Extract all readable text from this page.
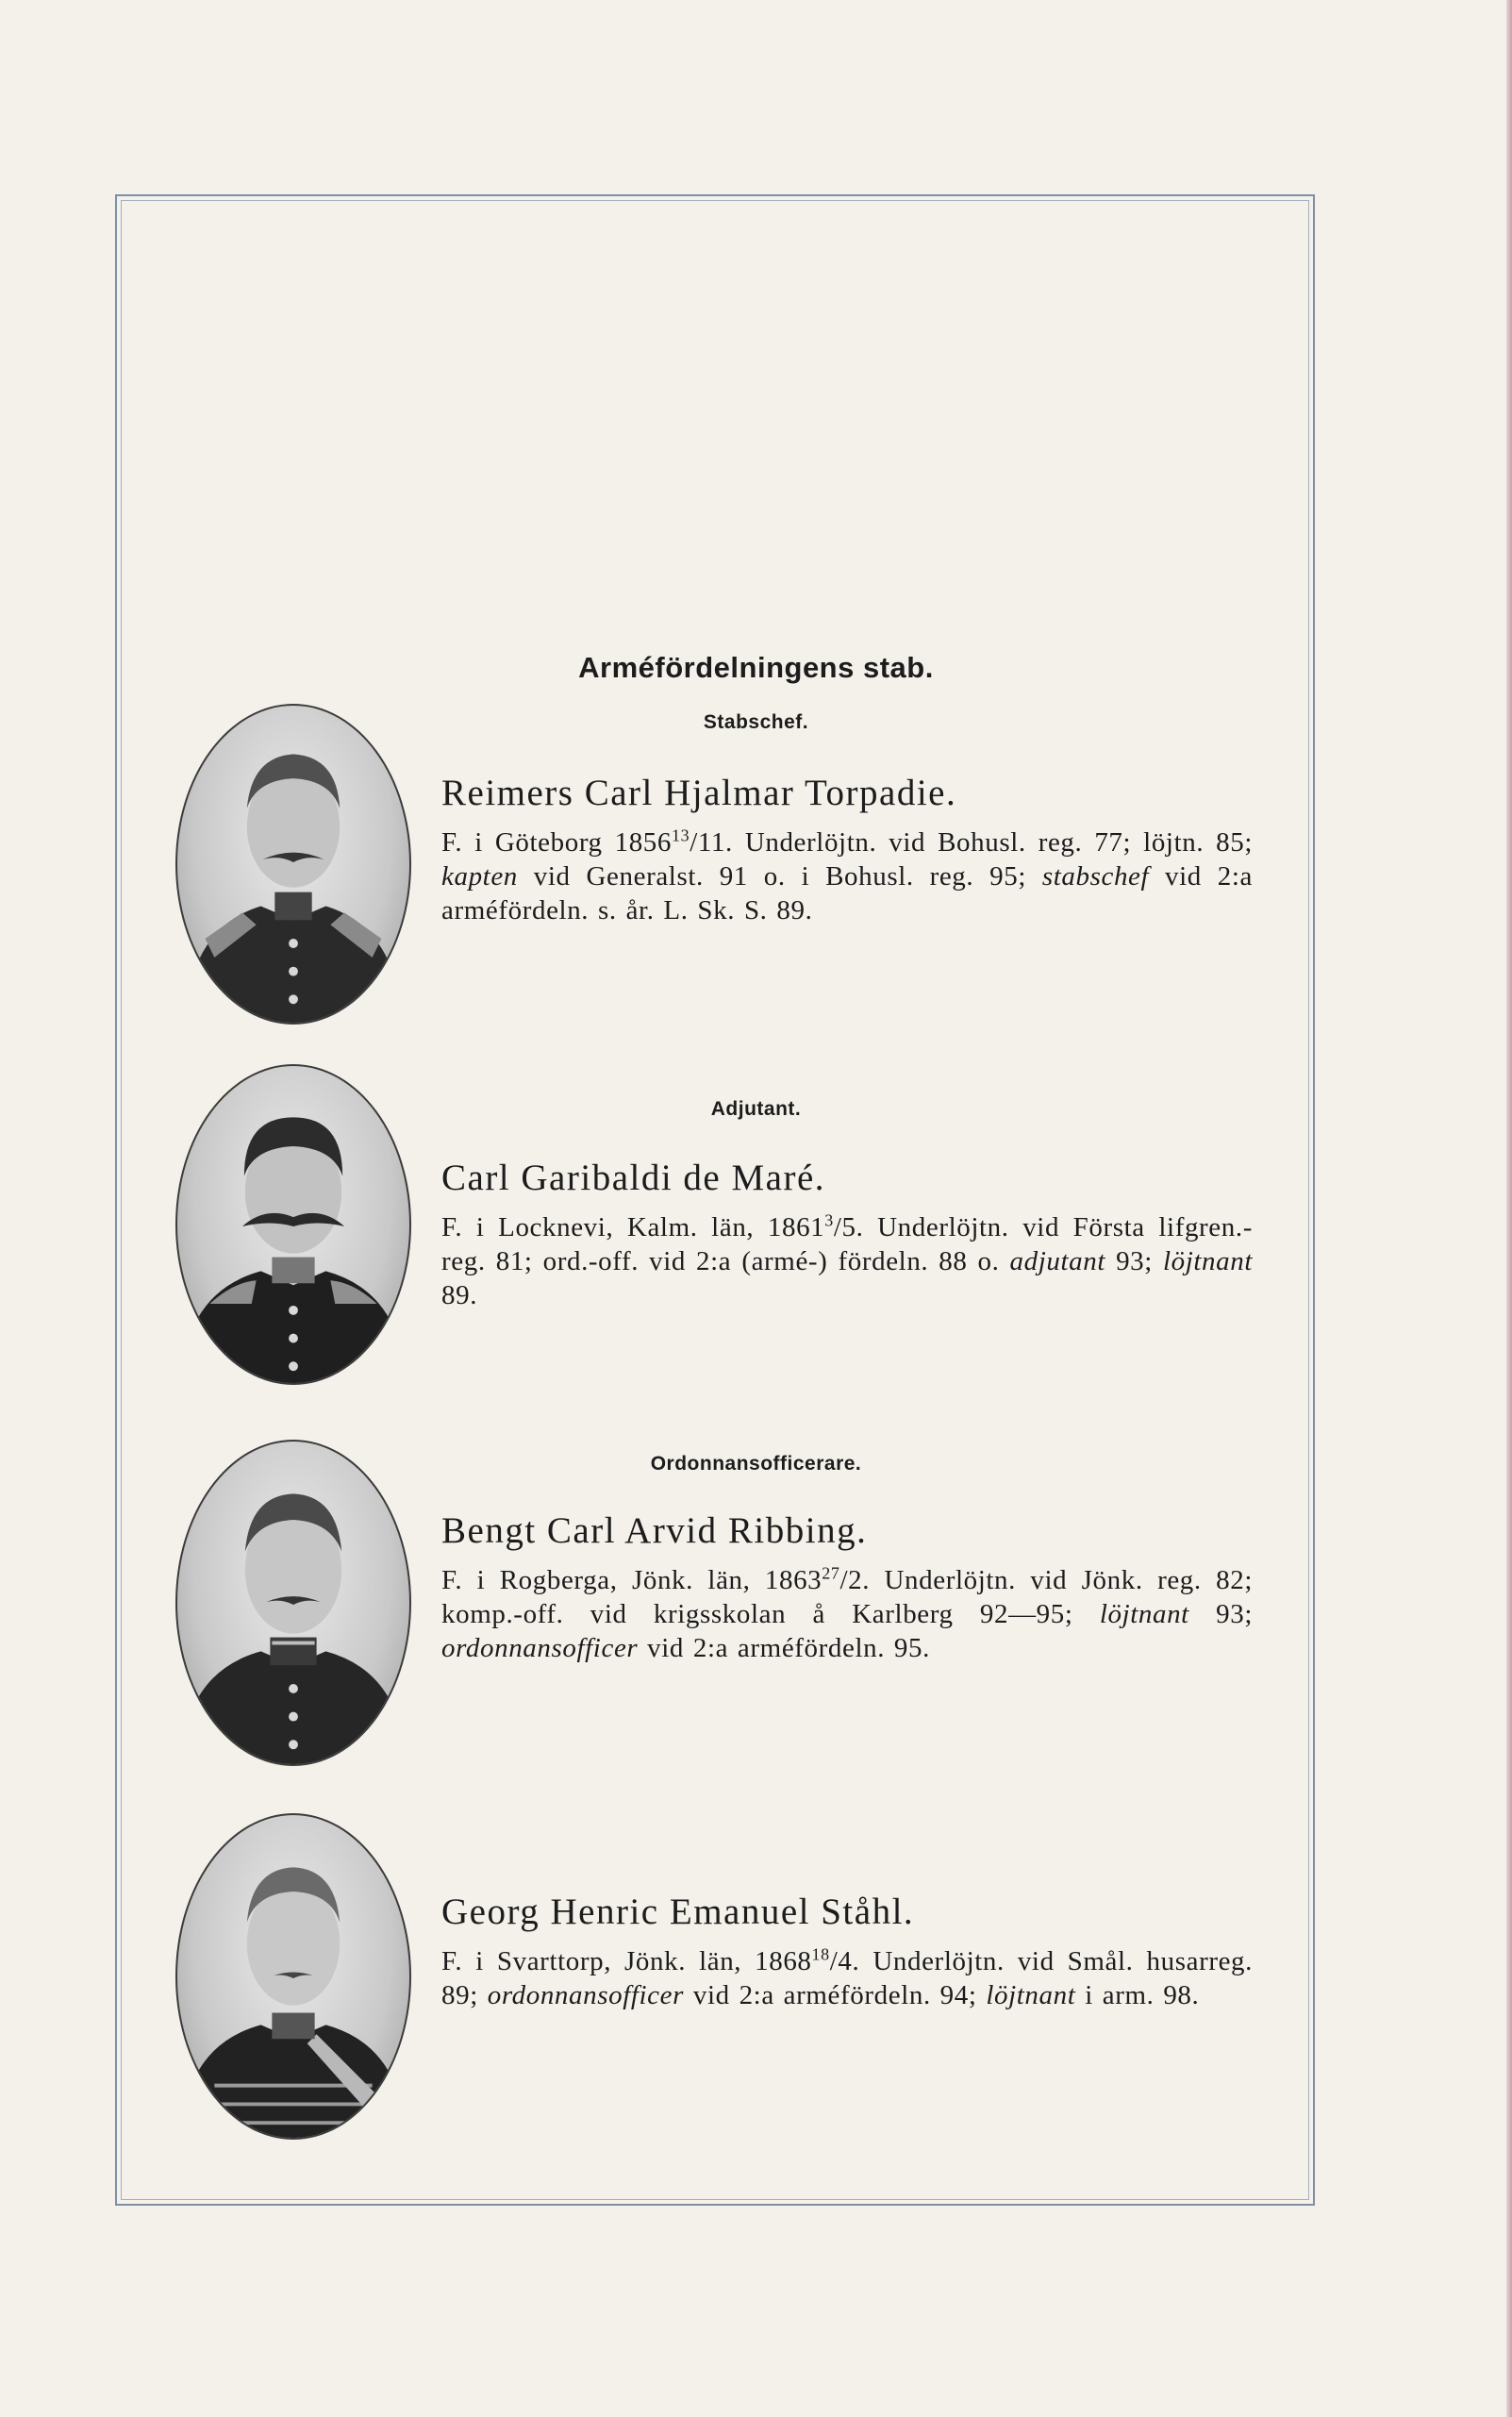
Arméfördelningens stab.
Stabschef.
Adjutant.
Ordonnansofficerare.

Reimers Carl Hjalmar Torpadie.

F. i Göteborg 1856$^{13}$/11. Underlöjtn. vid Bohusl. reg. 77; löjtn. 85; kapten vid Generalst. 91 o. i Bohusl. reg. 95; stabschef vid 2:a arméfördeln. s. år. L. Sk. S. 89.

Carl Garibaldi de Maré.

F. i Locknevi, Kalm. län, 1861$^3$/5. Underlöjtn. vid Första lifgren.-reg. 81; ord.-off. vid 2:a (armé-) fördeln. 88 o. adjutant 93; löjtnant 89.

Bengt Carl Arvid Ribbing.

F. i Rogberga, Jönk. län, 1863$^{27}$/2. Underlöjtn. vid Jönk. reg. 82; komp.-off. vid krigsskolan å Karlberg 92—95; löjtnant 93; ordonnansofficer vid 2:a arméfördeln. 95.

Georg Henric Emanuel Ståhl.

F. i Svarttorp, Jönk. län, 1868$^{18}$/4. Underlöjtn. vid Smål. husarreg. 89; ordonnansofficer vid 2:a arméfördeln. 94; löjtnant i arm. 98.
